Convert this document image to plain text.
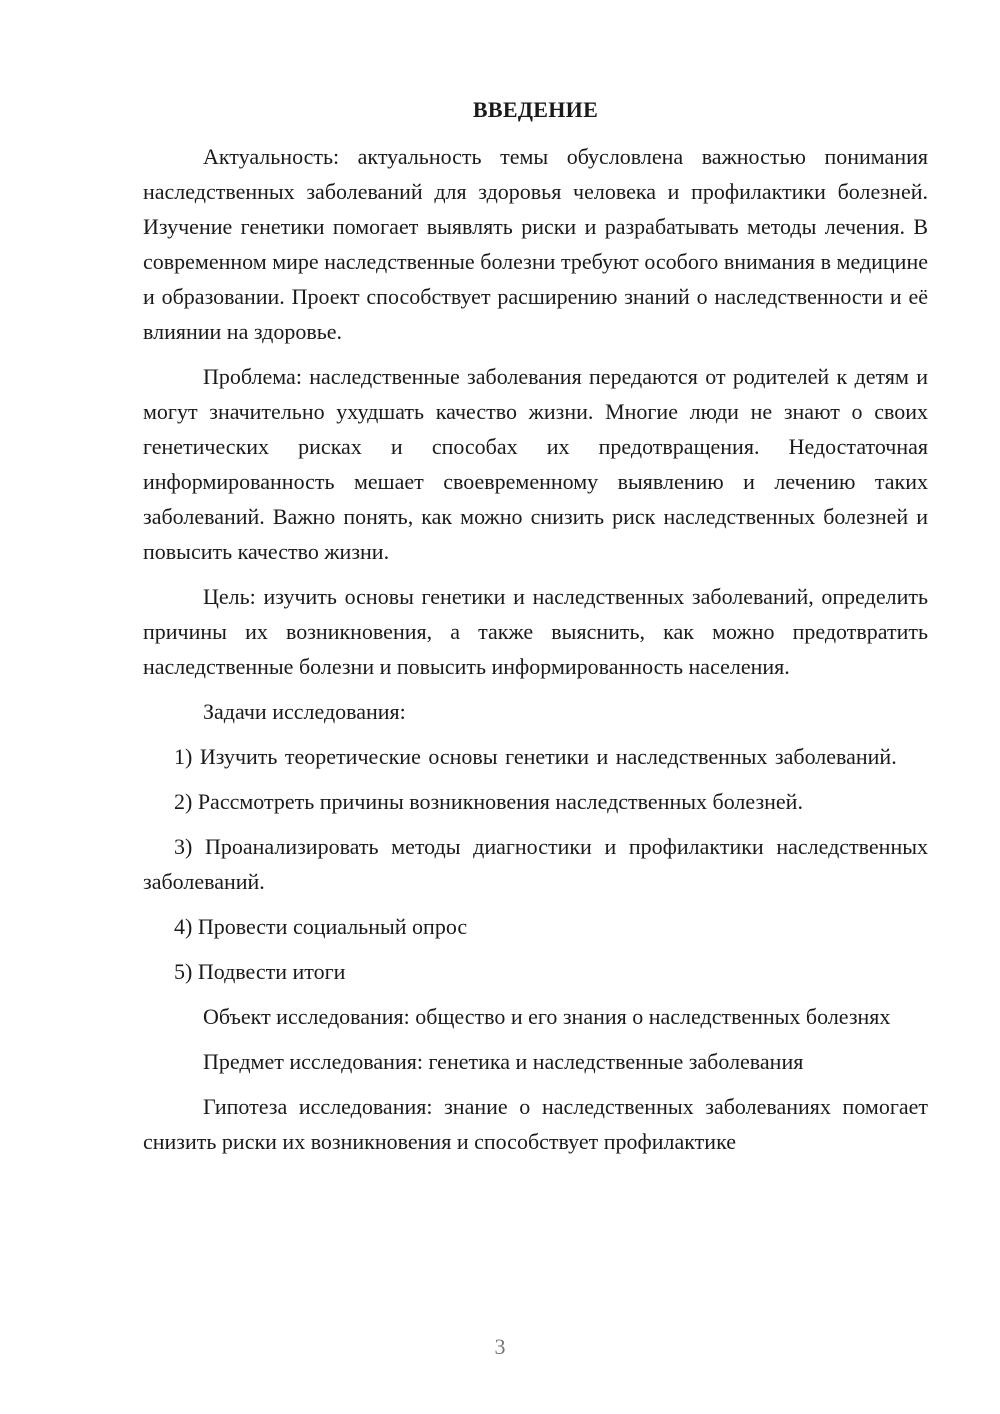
ВВЕДЕНИЕ

Актуальность: актуальность темы обусловлена важностью понимания наследственных заболеваний для здоровья человека и профилактики болезней. Изучение генетики помогает выявлять риски и разрабатывать методы лечения. В современном мире наследственные болезни требуют особого внимания в медицине и образовании. Проект способствует расширению знаний о наследственности и её влиянии на здоровье.

Проблема: наследственные заболевания передаются от родителей к детям и могут значительно ухудшать качество жизни. Многие люди не знают о своих генетических рисках и способах их предотвращения. Недостаточная информированность мешает своевременному выявлению и лечению таких заболеваний. Важно понять, как можно снизить риск наследственных болезней и повысить качество жизни.

Цель: изучить основы генетики и наследственных заболеваний, определить причины их возникновения, а также выяснить, как можно предотвратить наследственные болезни и повысить информированность населения.

Задачи исследования:

1) Изучить теоретические основы генетики и наследственных заболеваний.

2) Рассмотреть причины возникновения наследственных болезней.

3) Проанализировать методы диагностики и профилактики наследственных заболеваний.

4) Провести социальный опрос

5) Подвести итоги

Объект исследования: общество и его знания о наследственных болезнях

Предмет исследования: генетика и наследственные заболевания

Гипотеза исследования: знание о наследственных заболеваниях помогает снизить риски их возникновения и способствует профилактике

3
